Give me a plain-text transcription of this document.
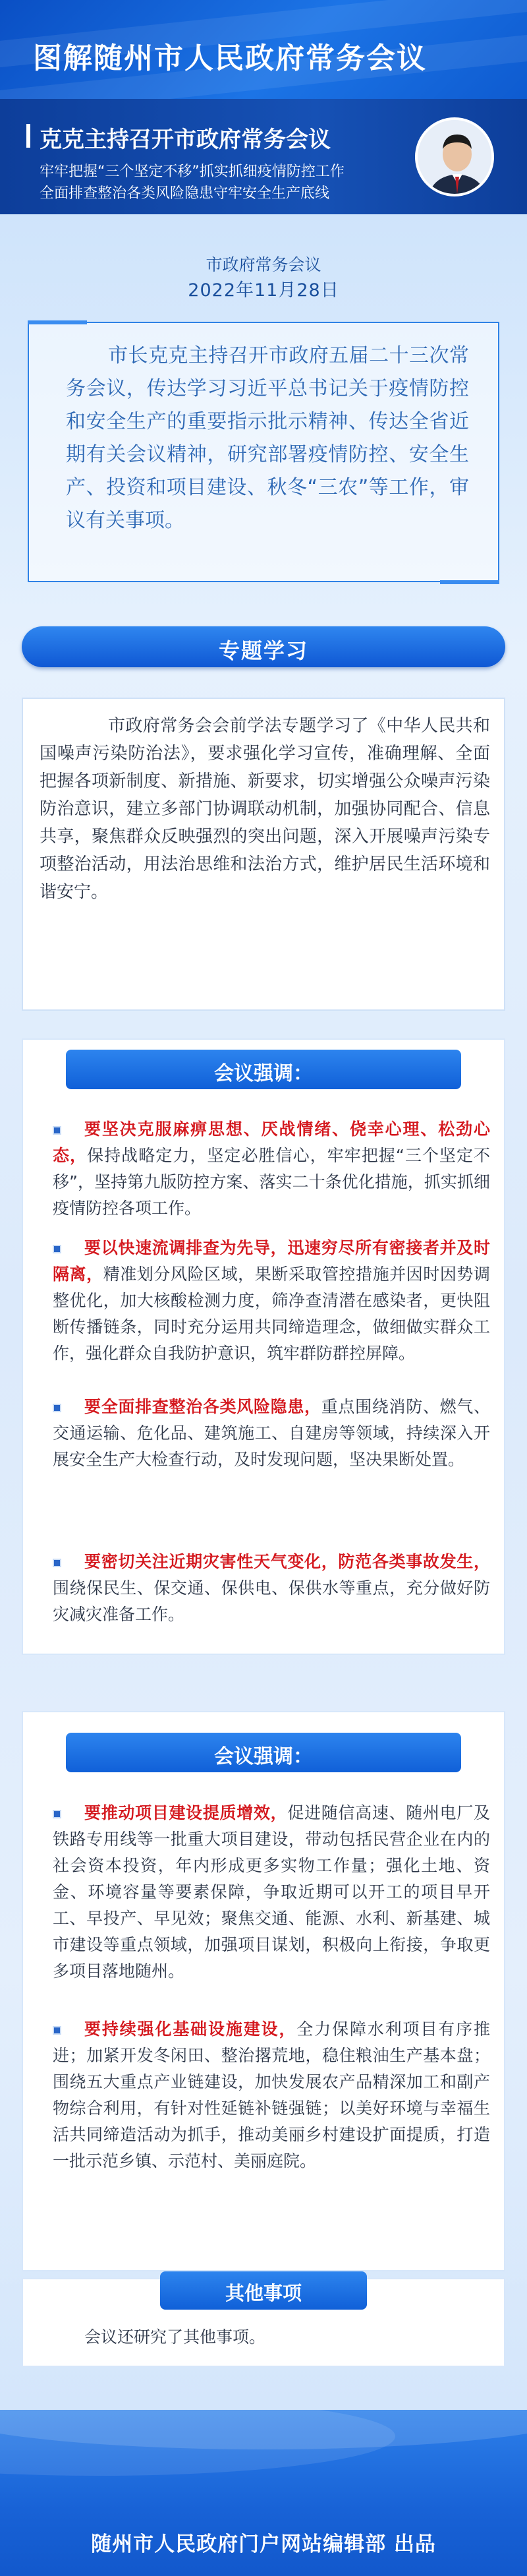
图解随州市人民政府常务会议
克克主持召开市政府常务会议
牢牢把握“三个坚定不移”抓实抓细疫情防控工作
全面排查整治各类风险隐患守牢安全生产底线
市政府常务会议
2022年11月28日
市长克克主持召开市政府五届二十三次常务会议，传达学习习近平总书记关于疫情防控和安全生产的重要指示批示精神、传达全省近期有关会议精神，研究部署疫情防控、安全生产、投资和项目建设、秋冬“三农”等工作，审议有关事项。
专题学习
市政府常务会会前学法专题学习了《中华人民共和国噪声污染防治法》，要求强化学习宣传，准确理解、全面把握各项新制度、新措施、新要求，切实增强公众噪声污染防治意识，建立多部门协调联动机制，加强协同配合、信息共享，聚焦群众反映强烈的突出问题，深入开展噪声污染专项整治活动，用法治思维和法治方式，维护居民生活环境和谐安宁。
会议强调：
要坚决克服麻痹思想、厌战情绪、侥幸心理、松劲心态，保持战略定力，坚定必胜信心，牢牢把握“三个坚定不移”，坚持第九版防控方案、落实二十条优化措施，抓实抓细疫情防控各项工作。
要以快速流调排查为先导，迅速穷尽所有密接者并及时隔离，精准划分风险区域，果断采取管控措施并因时因势调整优化，加大核酸检测力度，筛净查清潜在感染者，更快阻断传播链条，同时充分运用共同缔造理念，做细做实群众工作，强化群众自我防护意识，筑牢群防群控屏障。
要全面排查整治各类风险隐患，重点围绕消防、燃气、交通运输、危化品、建筑施工、自建房等领域，持续深入开展安全生产大检查行动，及时发现问题，坚决果断处置。
要密切关注近期灾害性天气变化，防范各类事故发生，围绕保民生、保交通、保供电、保供水等重点，充分做好防灾减灾准备工作。
会议强调：
要推动项目建设提质增效，促进随信高速、随州电厂及铁路专用线等一批重大项目建设，带动包括民营企业在内的社会资本投资，年内形成更多实物工作量；强化土地、资金、环境容量等要素保障，争取近期可以开工的项目早开工、早投产、早见效；聚焦交通、能源、水利、新基建、城市建设等重点领域，加强项目谋划，积极向上衔接，争取更多项目落地随州。
要持续强化基础设施建设，全力保障水利项目有序推进；加紧开发冬闲田、整治撂荒地，稳住粮油生产基本盘；围绕五大重点产业链建设，加快发展农产品精深加工和副产物综合利用，有针对性延链补链强链；以美好环境与幸福生活共同缔造活动为抓手，推动美丽乡村建设扩面提质，打造一批示范乡镇、示范村、美丽庭院。
其他事项
会议还研究了其他事项。
随州市人民政府门户网站编辑部 出品
